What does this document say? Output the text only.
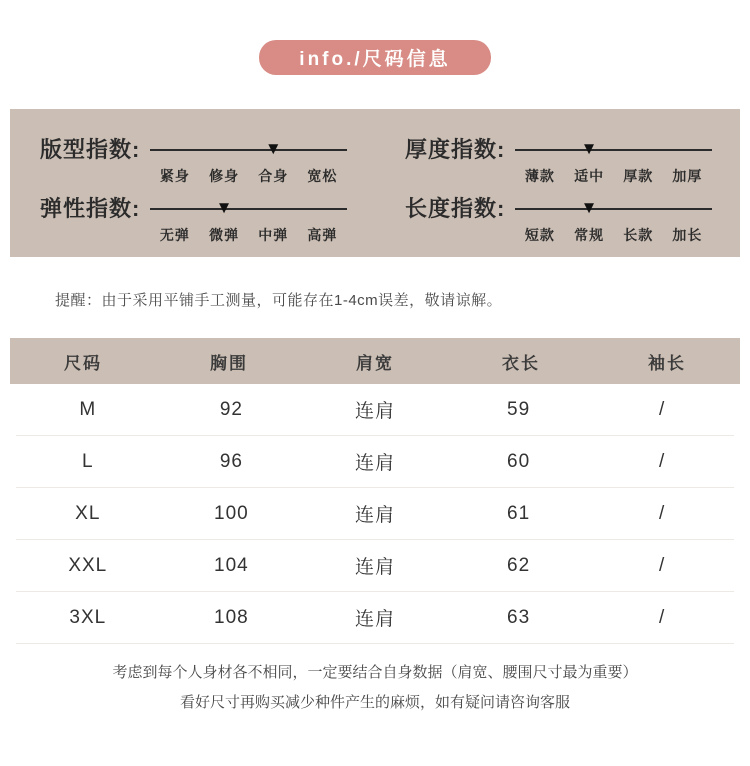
info./尺码信息
版型指数:	▼
紧身	修身	合身	宽松
厚度指数:	▼
薄款	适中	厚款	加厚
弹性指数:	▼
无弹	微弹	中弹	高弹
长度指数:	▼
短款	常规	长款	加长
提醒：由于采用平铺手工测量，可能存在1-4cm误差，敬请谅解。
尺码	胸围	肩宽	衣长	袖长
M	92	连肩	59	/
L	96	连肩	60	/
XL	100	连肩	61	/
XXL	104	连肩	62	/
3XL	108	连肩	63	/
考虑到每个人身材各不相同，一定要结合自身数据（肩宽、腰围尺寸最为重要）
看好尺寸再购买减少种件产生的麻烦，如有疑问请咨询客服
